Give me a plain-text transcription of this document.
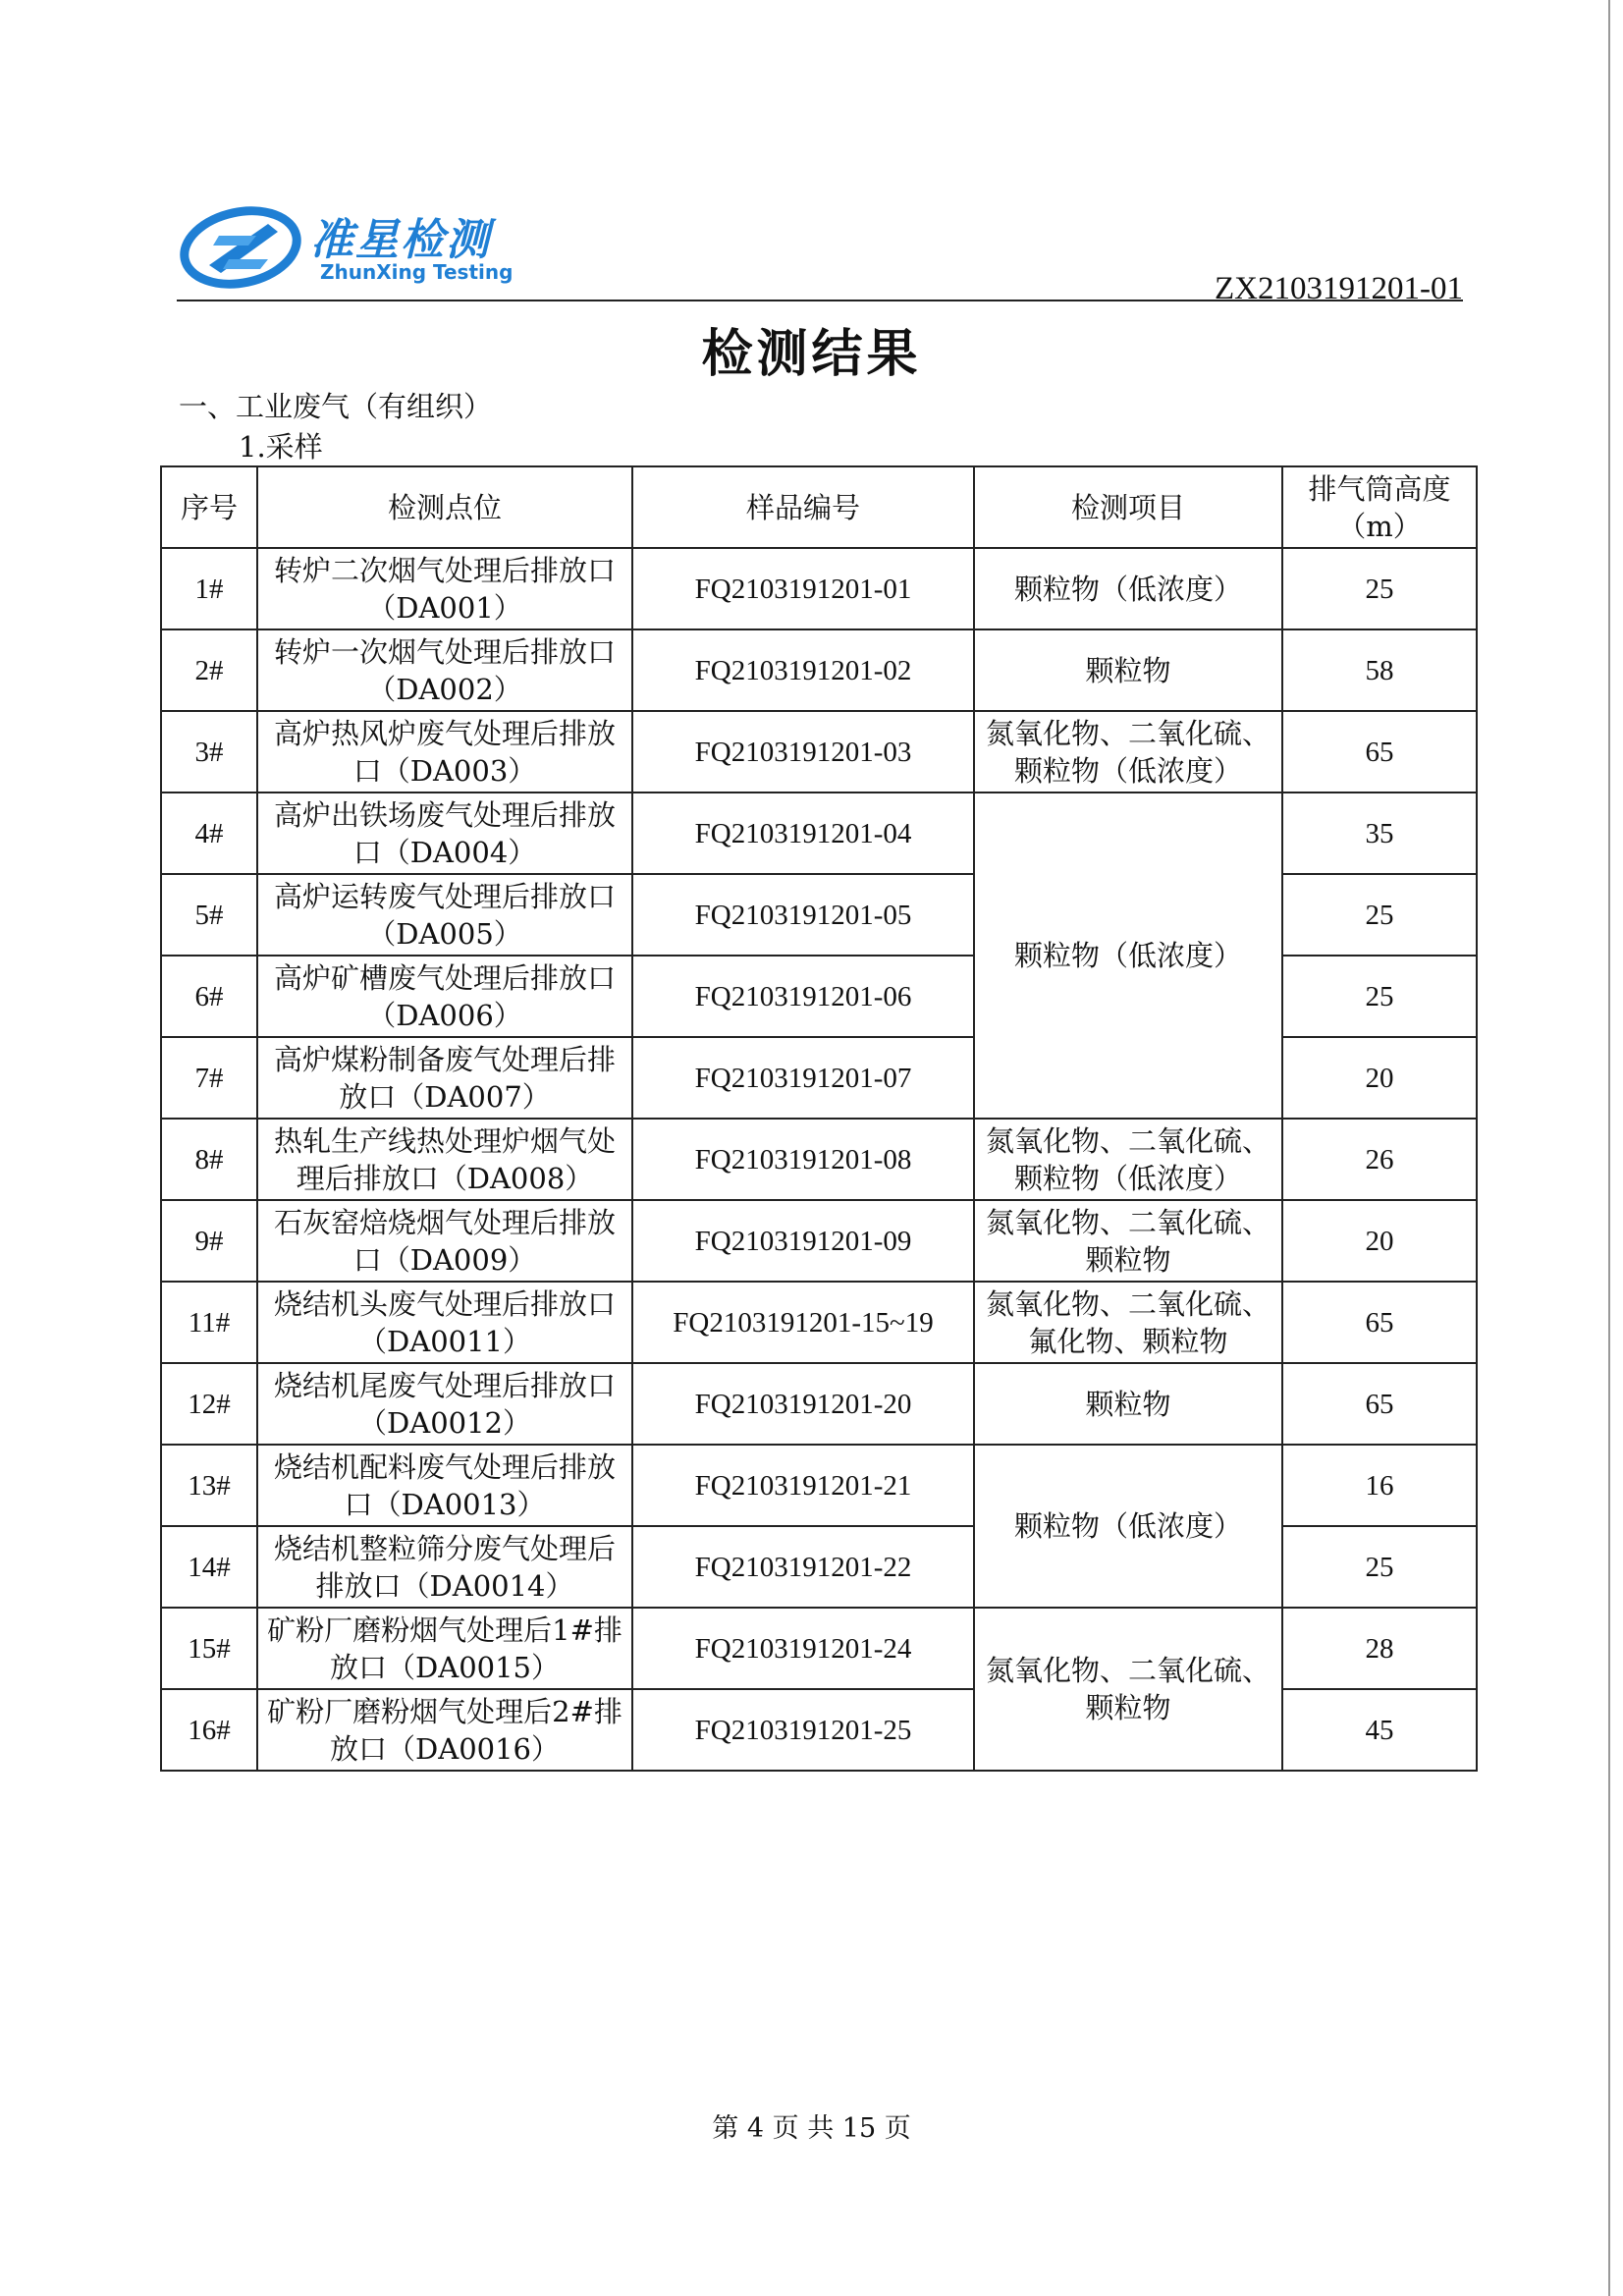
准星检测
ZhunXing Testing	ZX2103191201-01
检测结果
一、工业废气（有组织）
1.采样
序号	检测点位	样品编号	检测项目	排气筒高度（m）
1#	转炉二次烟气处理后排放口（DA001）	FQ2103191201-01	颗粒物（低浓度）	25
2#	转炉一次烟气处理后排放口（DA002）	FQ2103191201-02	颗粒物	58
3#	高炉热风炉废气处理后排放口（DA003）	FQ2103191201-03	氮氧化物、二氧化硫、颗粒物（低浓度）	65
4#	高炉出铁场废气处理后排放口（DA004）	FQ2103191201-04	颗粒物（低浓度）	35
5#	高炉运转废气处理后排放口（DA005）	FQ2103191201-05		25
6#	高炉矿槽废气处理后排放口（DA006）	FQ2103191201-06		25
7#	高炉煤粉制备废气处理后排放口（DA007）	FQ2103191201-07		20
8#	热轧生产线热处理炉烟气处理后排放口（DA008）	FQ2103191201-08	氮氧化物、二氧化硫、颗粒物（低浓度）	26
9#	石灰窑焙烧烟气处理后排放口（DA009）	FQ2103191201-09	氮氧化物、二氧化硫、颗粒物	20
11#	烧结机头废气处理后排放口（DA0011）	FQ2103191201-15~19	氮氧化物、二氧化硫、氟化物、颗粒物	65
12#	烧结机尾废气处理后排放口（DA0012）	FQ2103191201-20	颗粒物	65
13#	烧结机配料废气处理后排放口（DA0013）	FQ2103191201-21	颗粒物（低浓度）	16
14#	烧结机整粒筛分废气处理后排放口（DA0014）	FQ2103191201-22		25
15#	矿粉厂磨粉烟气处理后1#排放口（DA0015）	FQ2103191201-24	氮氧化物、二氧化硫、颗粒物	28
16#	矿粉厂磨粉烟气处理后2#排放口（DA0016）	FQ2103191201-25		45
第 4 页 共 15 页
